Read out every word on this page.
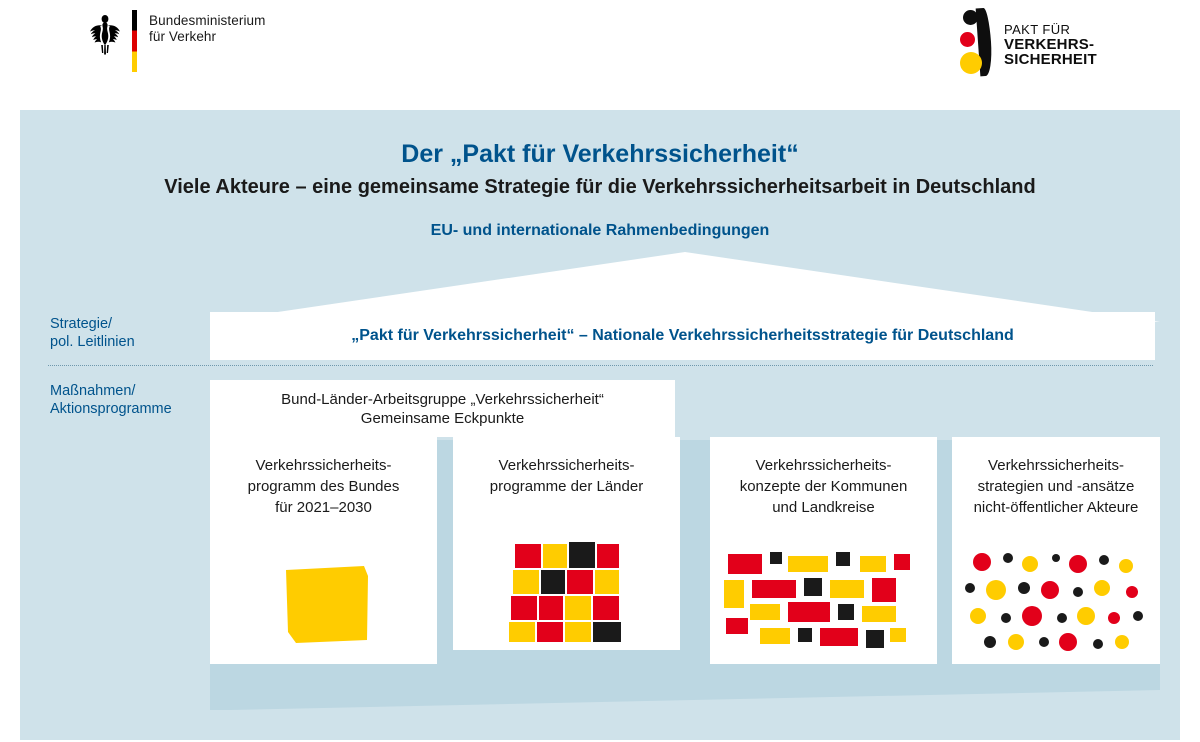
Bundesministerium
für Verkehr	PAKT FÜR
VERKEHRS-
SICHERHEIT
Der „Pakt für Verkehrssicherheit“
Viele Akteure – eine gemeinsame Strategie für die Verkehrssicherheitsarbeit in Deutschland
EU- und internationale Rahmenbedingungen
Strategie/
pol. Leitlinien
Maßnahmen/
Aktionsprogramme
„Pakt für Verkehrssicherheit“ – Nationale Verkehrssicherheitsstrategie für Deutschland
Bund-Länder-Arbeitsgruppe „Verkehrssicherheit“
Gemeinsame Eckpunkte
Verkehrssicherheits-
programm des Bundes
für 2021–2030
Verkehrssicherheits-
programme der Länder
Verkehrssicherheits-
konzepte der Kommunen
und Landkreise
Verkehrssicherheits-
strategien und -ansätze
nicht-öffentlicher Akteure
